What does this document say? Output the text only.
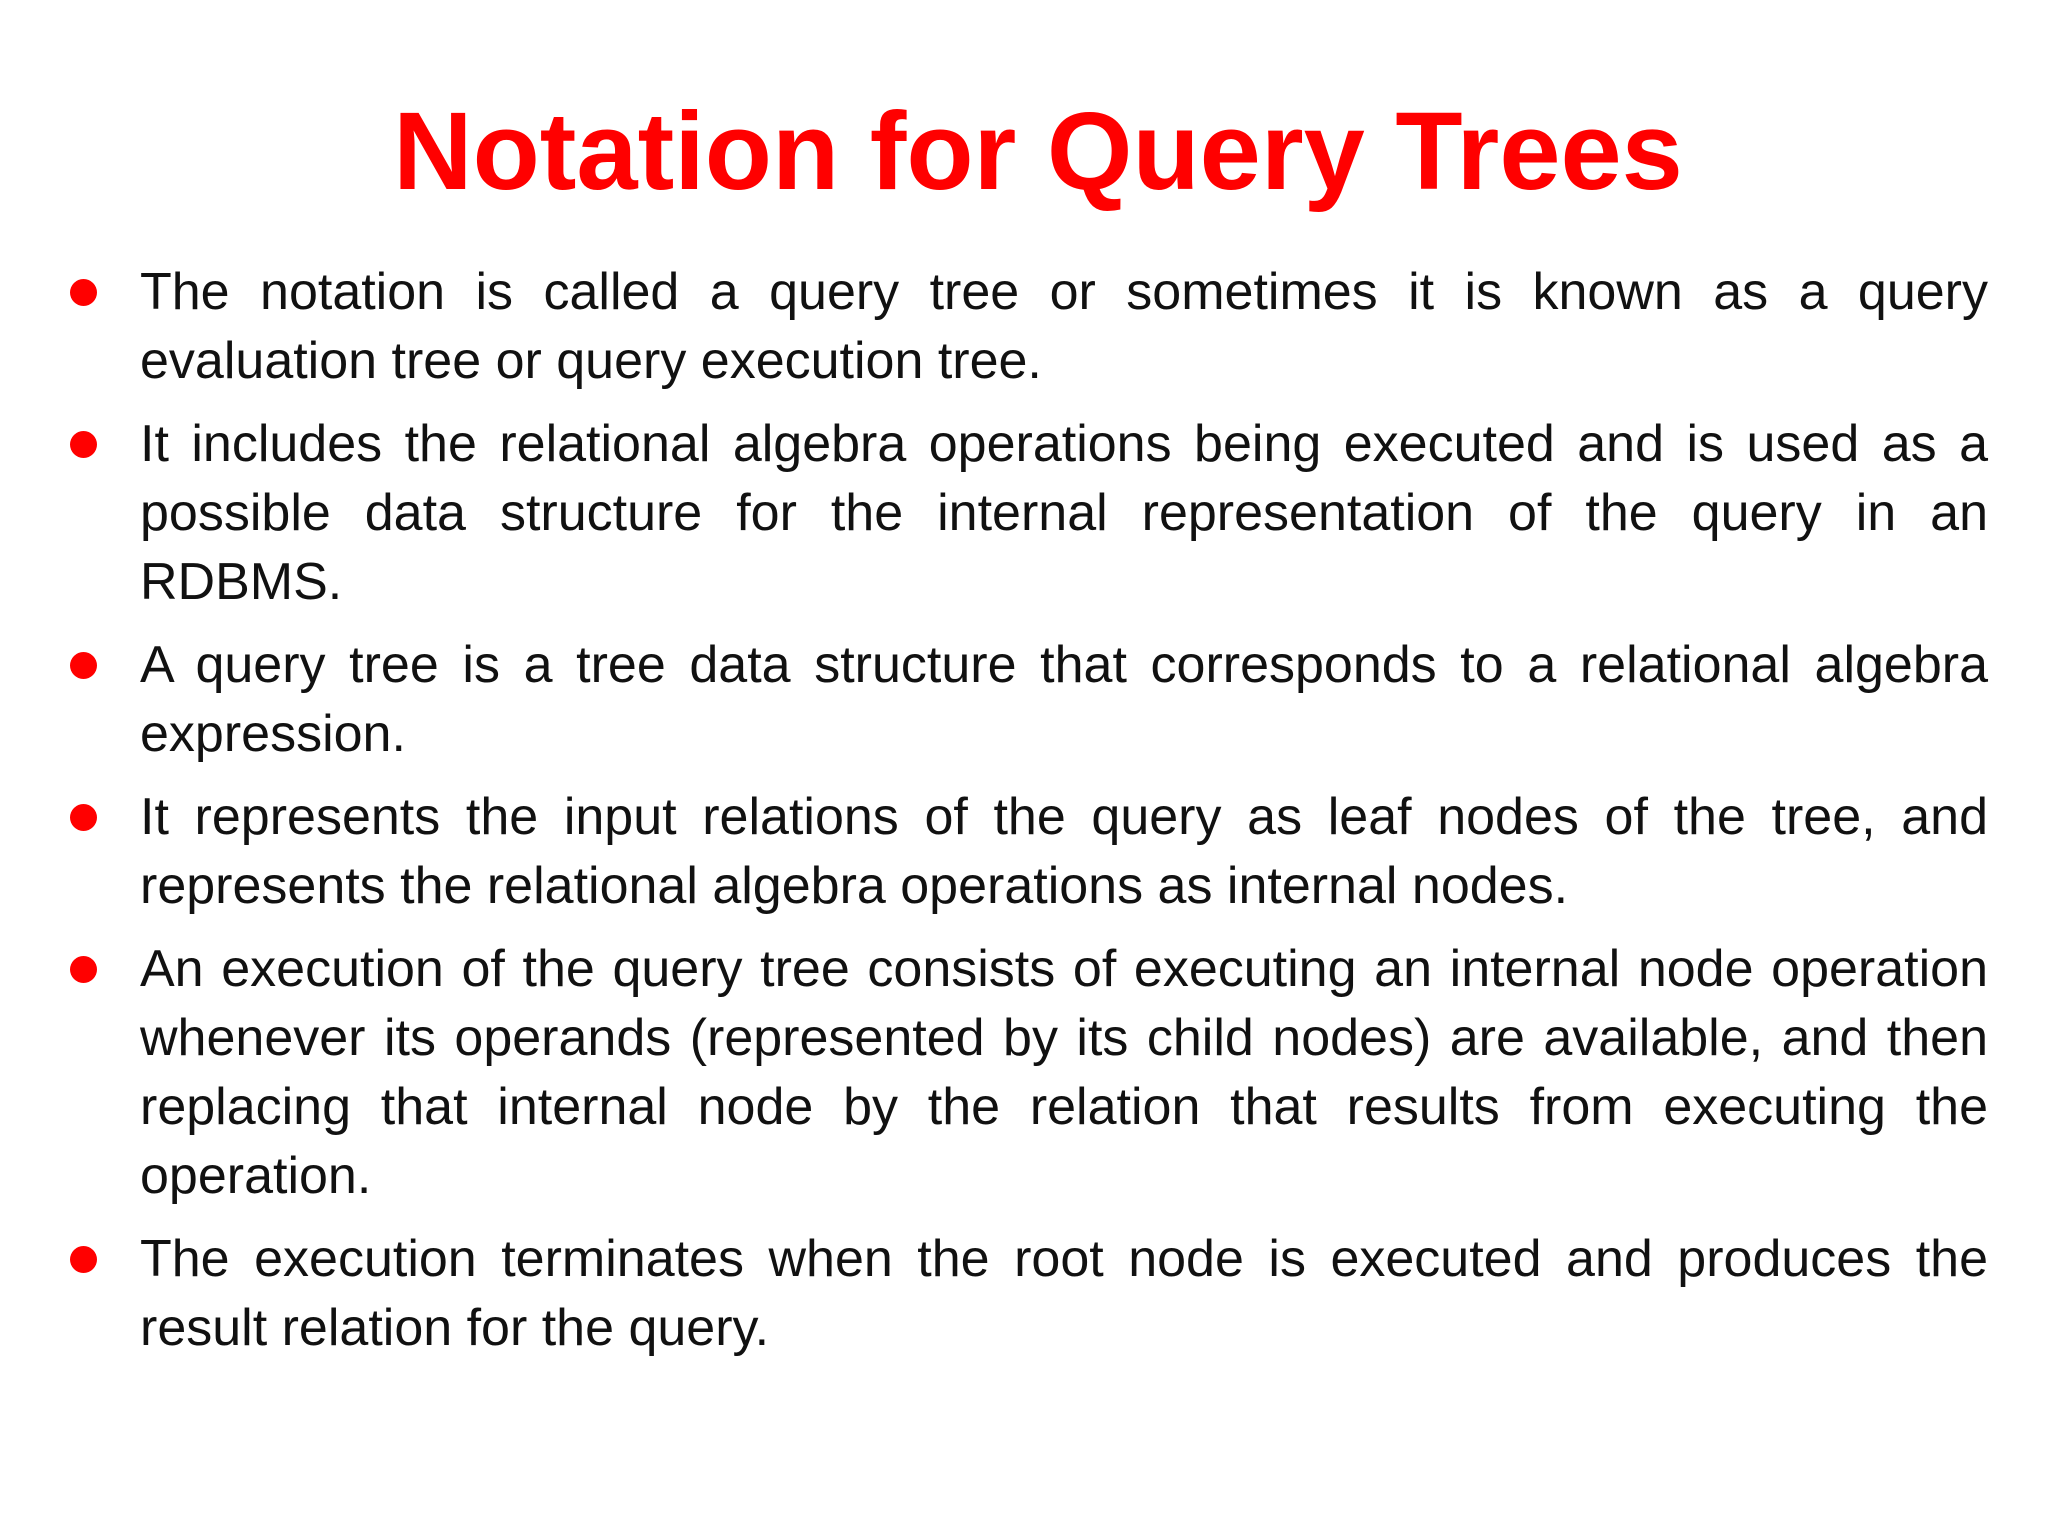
Notation for Query Trees
The notation is called a query tree or sometimes it is known as a query evaluation tree or query execution tree.
It includes the relational algebra operations being executed and is used as a possible data structure for the internal representation of the query in an RDBMS.
A query tree is a tree data structure that corresponds to a relational algebra expression.
It represents the input relations of the query as leaf nodes of the tree, and represents the relational algebra operations as internal nodes.
An execution of the query tree consists of executing an internal node operation whenever its operands (represented by its child nodes) are available, and then replacing that internal node by the relation that results from executing the operation.
The execution terminates when the root node is executed and produces the result relation for the query.
